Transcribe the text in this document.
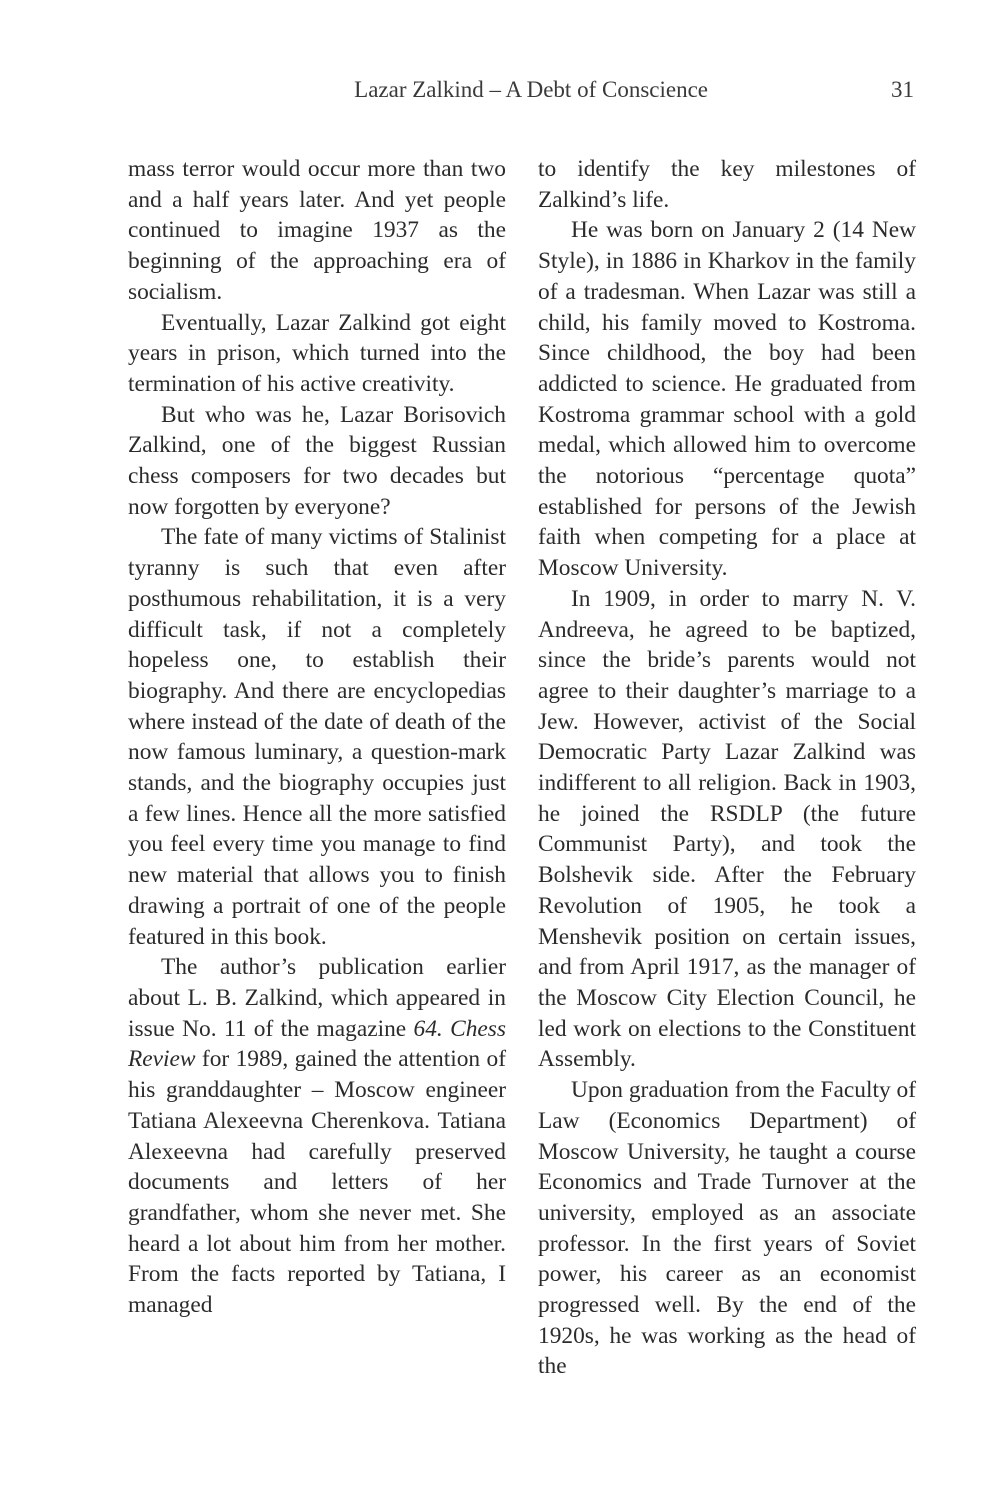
Lazar Zalkind – A Debt of Conscience	31

mass terror would occur more than two and a half years later. And yet people continued to imagine 1937 as the beginning of the approaching era of socialism.

Eventually, Lazar Zalkind got eight years in prison, which turned into the termination of his active creativity.

But who was he, Lazar Borisovich Zalkind, one of the biggest Russian chess composers for two decades but now forgotten by everyone?

The fate of many victims of Stalinist tyranny is such that even after posthumous rehabilitation, it is a very difficult task, if not a completely hopeless one, to establish their biography. And there are encyclopedias where instead of the date of death of the now famous luminary, a question-mark stands, and the biography occupies just a few lines. Hence all the more satisfied you feel every time you manage to find new material that allows you to finish drawing a portrait of one of the people featured in this book.

The author’s publication earlier about L. B. Zalkind, which appeared in issue No. 11 of the magazine 64. Chess Review for 1989, gained the attention of his granddaughter – Moscow engineer Tatiana Alexeevna Cherenkova. Tatiana Alexeevna had carefully preserved documents and letters of her grandfather, whom she never met. She heard a lot about him from her mother. From the facts reported by Tatiana, I managed

to identify the key milestones of Zalkind’s life.

He was born on January 2 (14 New Style), in 1886 in Kharkov in the family of a tradesman. When Lazar was still a child, his family moved to Kostroma. Since childhood, the boy had been addicted to science. He graduated from Kostroma grammar school with a gold medal, which allowed him to overcome the notorious “percentage quota” established for persons of the Jewish faith when competing for a place at Moscow University.

In 1909, in order to marry N. V. Andreeva, he agreed to be baptized, since the bride’s parents would not agree to their daughter’s marriage to a Jew. However, activist of the Social Democratic Party Lazar Zalkind was indifferent to all religion. Back in 1903, he joined the RSDLP (the future Communist Party), and took the Bolshevik side. After the February Revolution of 1905, he took a Menshevik position on certain issues, and from April 1917, as the manager of the Moscow City Election Council, he led work on elections to the Constituent Assembly.

Upon graduation from the Faculty of Law (Economics Department) of Moscow University, he taught a course Economics and Trade Turnover at the university, employed as an associate professor. In the first years of Soviet power, his career as an economist progressed well. By the end of the 1920s, he was working as the head of the
